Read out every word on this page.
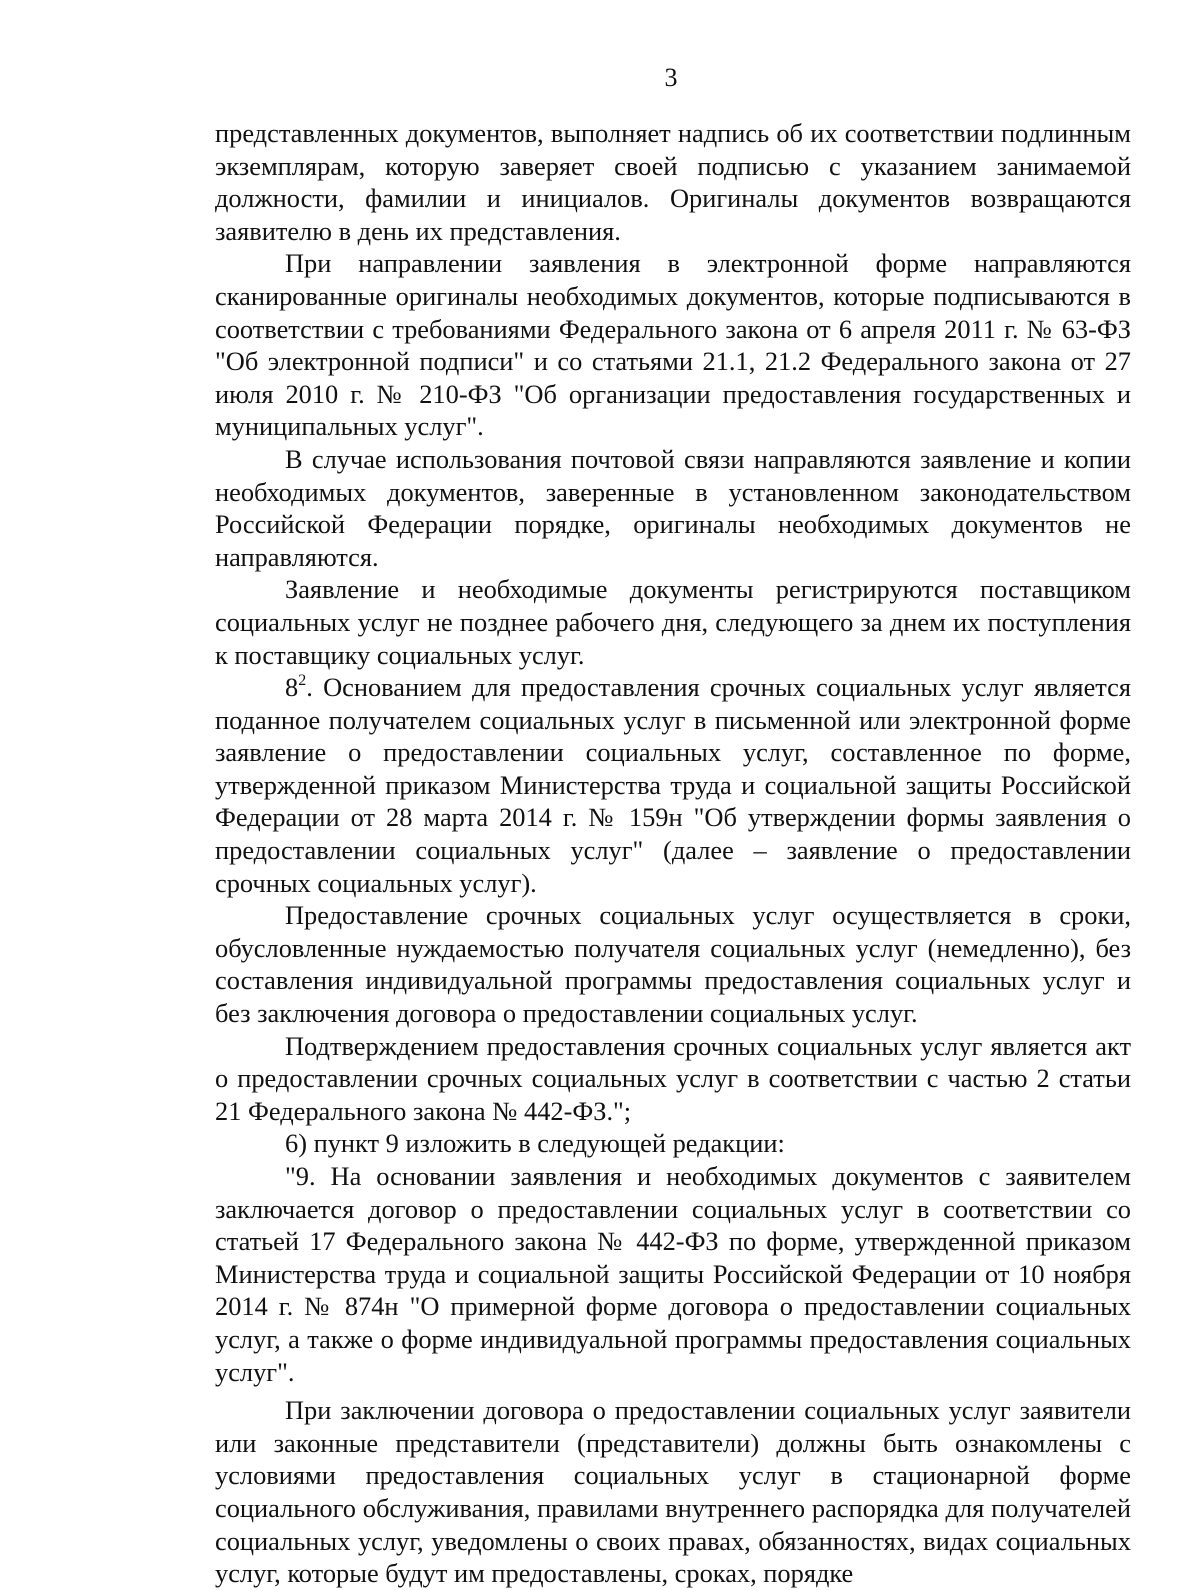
3

представленных документов, выполняет надпись об их соответствии подлинным экземплярам, которую заверяет своей подписью с указанием занимаемой должности, фамилии и инициалов. Оригиналы документов возвращаются заявителю в день их представления.

При направлении заявления в электронной форме направляются сканированные оригиналы необходимых документов, которые подписываются в соответствии с требованиями Федерального закона от 6 апреля 2011 г. № 63-ФЗ "Об электронной подписи" и со статьями 21.1, 21.2 Федерального закона от 27 июля 2010 г. № 210-ФЗ "Об организации предоставления государственных и муниципальных услуг".

В случае использования почтовой связи направляются заявление и копии необходимых документов, заверенные в установленном законодательством Российской Федерации порядке, оригиналы необходимых документов не направляются.

Заявление и необходимые документы регистрируются поставщиком социальных услуг не позднее рабочего дня, следующего за днем их поступления к поставщику социальных услуг.

$8^2$. Основанием для предоставления срочных социальных услуг является поданное получателем социальных услуг в письменной или электронной форме заявление о предоставлении социальных услуг, составленное по форме, утвержденной приказом Министерства труда и социальной защиты Российской Федерации от 28 марта 2014 г. № 159н "Об утверждении формы заявления о предоставлении социальных услуг" (далее – заявление о предоставлении срочных социальных услуг).

Предоставление срочных социальных услуг осуществляется в сроки, обусловленные нуждаемостью получателя социальных услуг (немедленно), без составления индивидуальной программы предоставления социальных услуг и без заключения договора о предоставлении социальных услуг.

Подтверждением предоставления срочных социальных услуг является акт о предоставлении срочных социальных услуг в соответствии с частью 2 статьи 21 Федерального закона № 442-ФЗ.";

6) пункт 9 изложить в следующей редакции:

"9. На основании заявления и необходимых документов с заявителем заключается договор о предоставлении социальных услуг в соответствии со статьей 17 Федерального закона № 442-ФЗ по форме, утвержденной приказом Министерства труда и социальной защиты Российской Федерации от 10 ноября 2014 г. № 874н "О примерной форме договора о предоставлении социальных услуг, а также о форме индивидуальной программы предоставления социальных услуг".

При заключении договора о предоставлении социальных услуг заявители или законные представители (представители) должны быть ознакомлены с условиями предоставления социальных услуг в стационарной форме социального обслуживания, правилами внутреннего распорядка для получателей социальных услуг, уведомлены о своих правах, обязанностях, видах социальных услуг, которые будут им предоставлены, сроках, порядке
